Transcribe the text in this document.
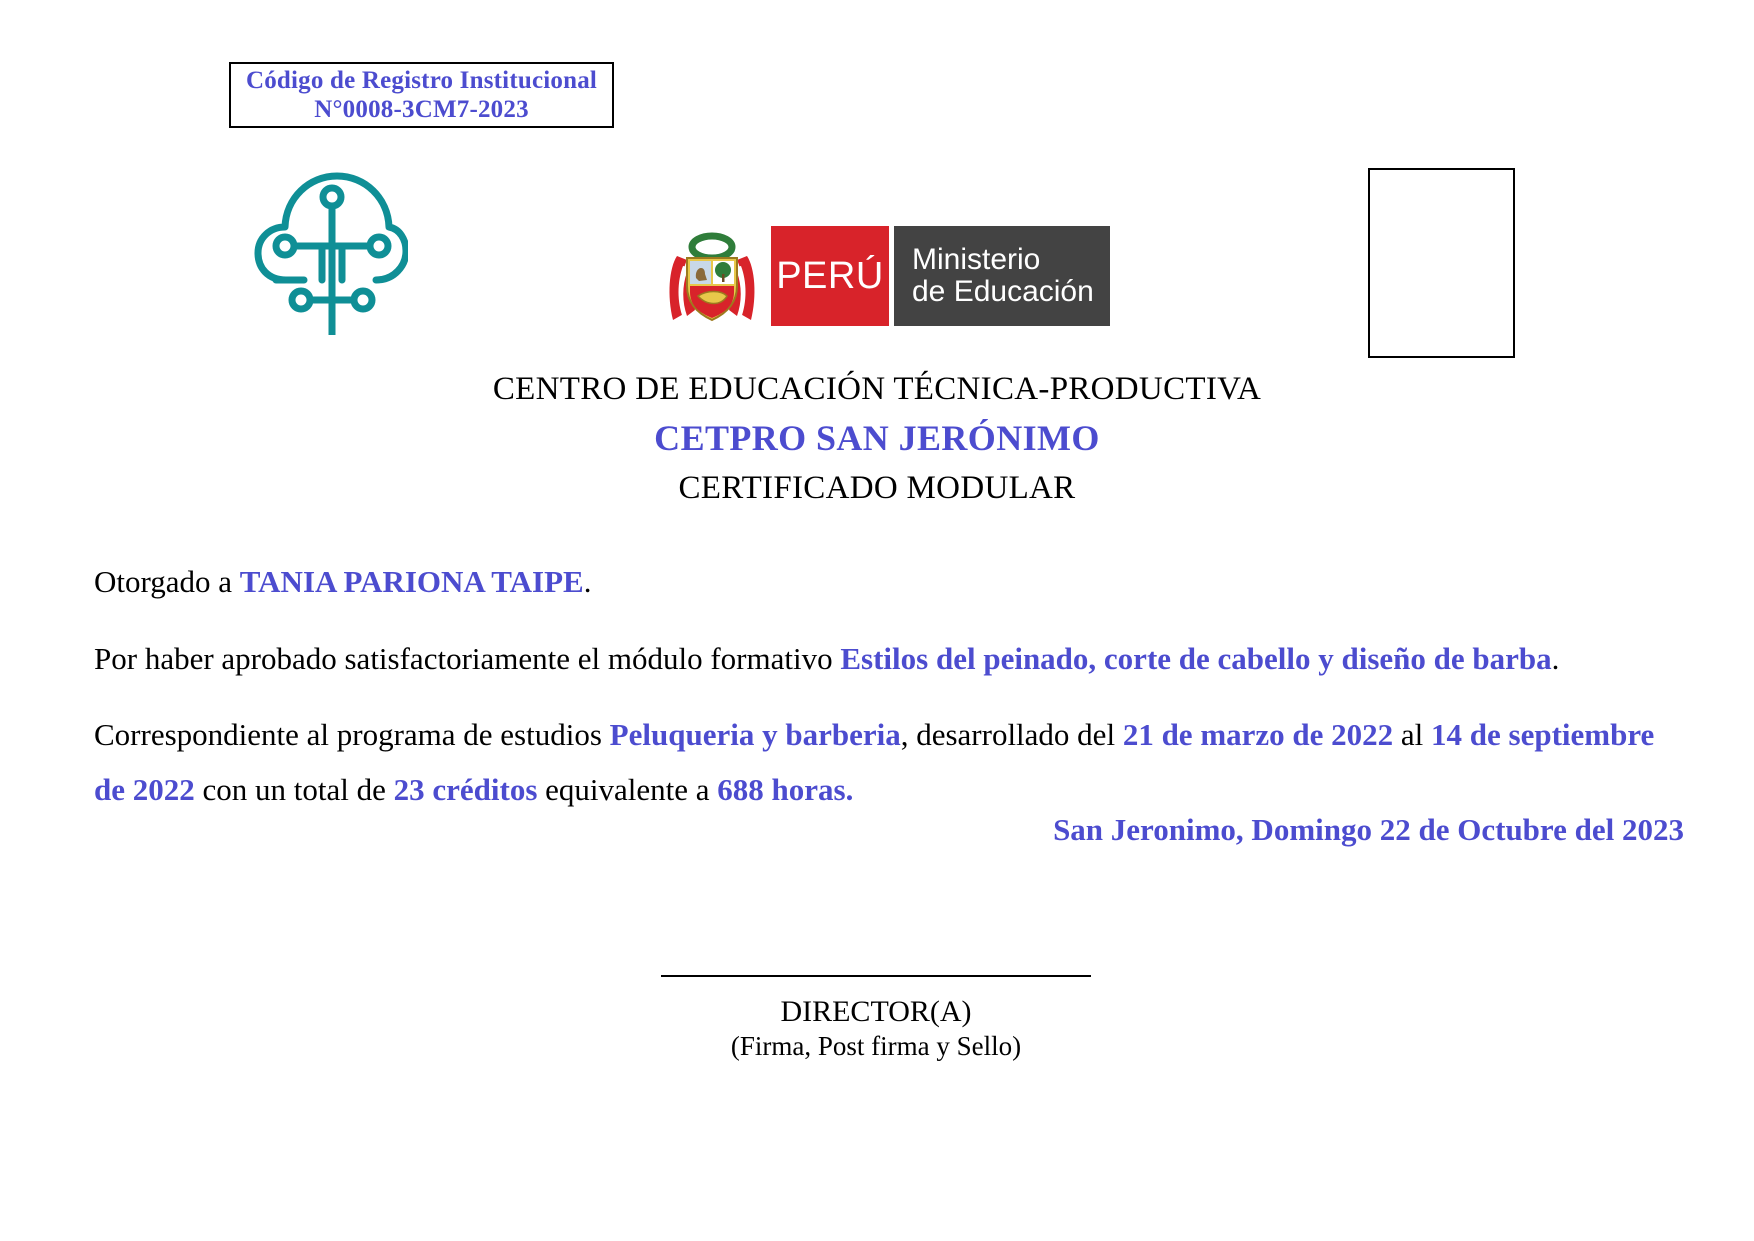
Código de Registro Institucional
N°0008-3CM7-2023
PERÚ Ministerio
de Educación
CENTRO DE EDUCACIÓN TÉCNICA-PRODUCTIVA
CETPRO SAN JERÓNIMO
CERTIFICADO MODULAR

Otorgado a TANIA PARIONA TAIPE.

Por haber aprobado satisfactoriamente el módulo formativo Estilos del peinado, corte de cabello y diseño de barba.

Correspondiente al programa de estudios Peluqueria y barberia, desarrollado del 21 de marzo de 2022 al 14 de septiembre de 2022 con un total de 23 créditos equivalente a 688 horas.

San Jeronimo, Domingo 22 de Octubre del 2023
DIRECTOR(A)
(Firma, Post firma y Sello)
